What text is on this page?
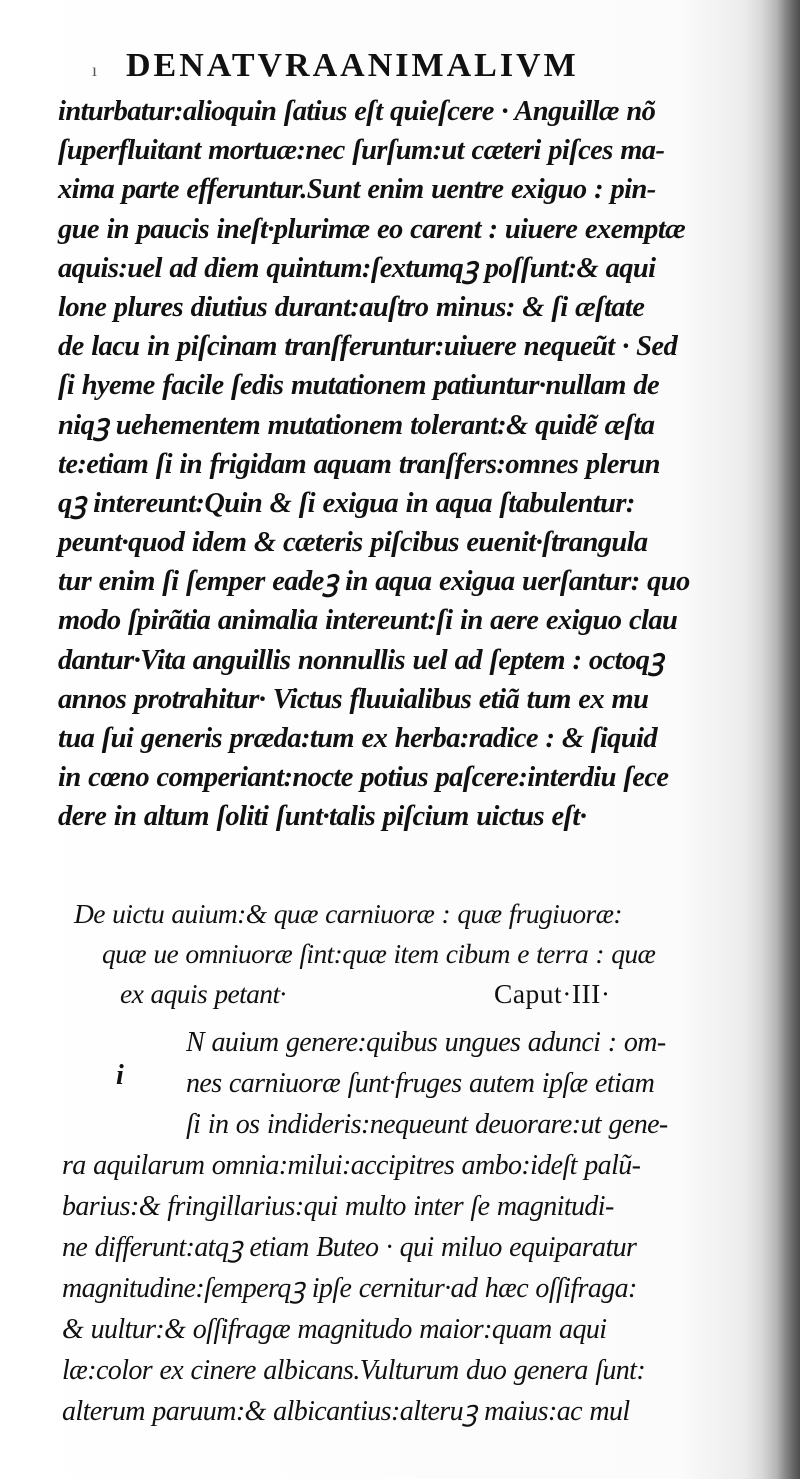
ı DENATVRAANIMALIVM
inturbatur:alioquin ſatius eſt quieſcere · Anguillæ nõ
ſuperfluitant mortuæ:nec ſurſum:ut cæteri piſces ma-
xima parte efferuntur.Sunt enim uentre exiguo : pin-
gue in paucis ineſt·plurimæ eo carent : uiuere exemptæ
aquis:uel ad diem quintum:ſextumqꝫ poſſunt:& aqui
lone plures diutius durant:auſtro minus: & ſi æſtate
de lacu in piſcinam tranſferuntur:uiuere nequeũt · Sed
ſi hyeme facile ſedis mutationem patiuntur·nullam de
niqꝫ uehementem mutationem tolerant:& quidẽ æſta
te:etiam ſi in frigidam aquam tranſfers:omnes plerun
qꝫ intereunt:Quin & ſi exigua in aqua ſtabulentur:
peunt·quod idem & cæteris piſcibus euenit·ſtrangula
tur enim ſi ſemper eadeꝫ in aqua exigua uerſantur: quo
modo ſpirãtia animalia intereunt:ſi in aere exiguo clau
dantur·Vita anguillis nonnullis uel ad ſeptem : octoqꝫ
annos protrahitur· Victus fluuialibus etiã tum ex mu
tua ſui generis præda:tum ex herba:radice : & ſiquid
in cœno comperiant:nocte potius paſcere:interdiu ſece
dere in altum ſoliti ſunt·talis piſcium uictus eſt·
De uictu auium:& quæ carniuoræ : quæ frugiuoræ:
quæ ue omniuoræ ſint:quæ item cibum e terra : quæ
ex aquis petant·	Caput·III·
i
N auium genere:quibus ungues adunci : om-
nes carniuoræ ſunt·fruges autem ipſæ etiam
ſi in os indideris:nequeunt deuorare:ut gene-
ra aquilarum omnia:milui:accipitres ambo:ideſt palũ-
barius:& fringillarius:qui multo inter ſe magnitudi-
ne differunt:atqꝫ etiam Buteo · qui miluo equiparatur
magnitudine:ſemperqꝫ ipſe cernitur·ad hæc oſſifraga:
& uultur:& oſſifragæ magnitudo maior:quam aqui
læ:color ex cinere albicans.Vulturum duo genera ſunt:
alterum paruum:& albicantius:alteruꝫ maius:ac mul
